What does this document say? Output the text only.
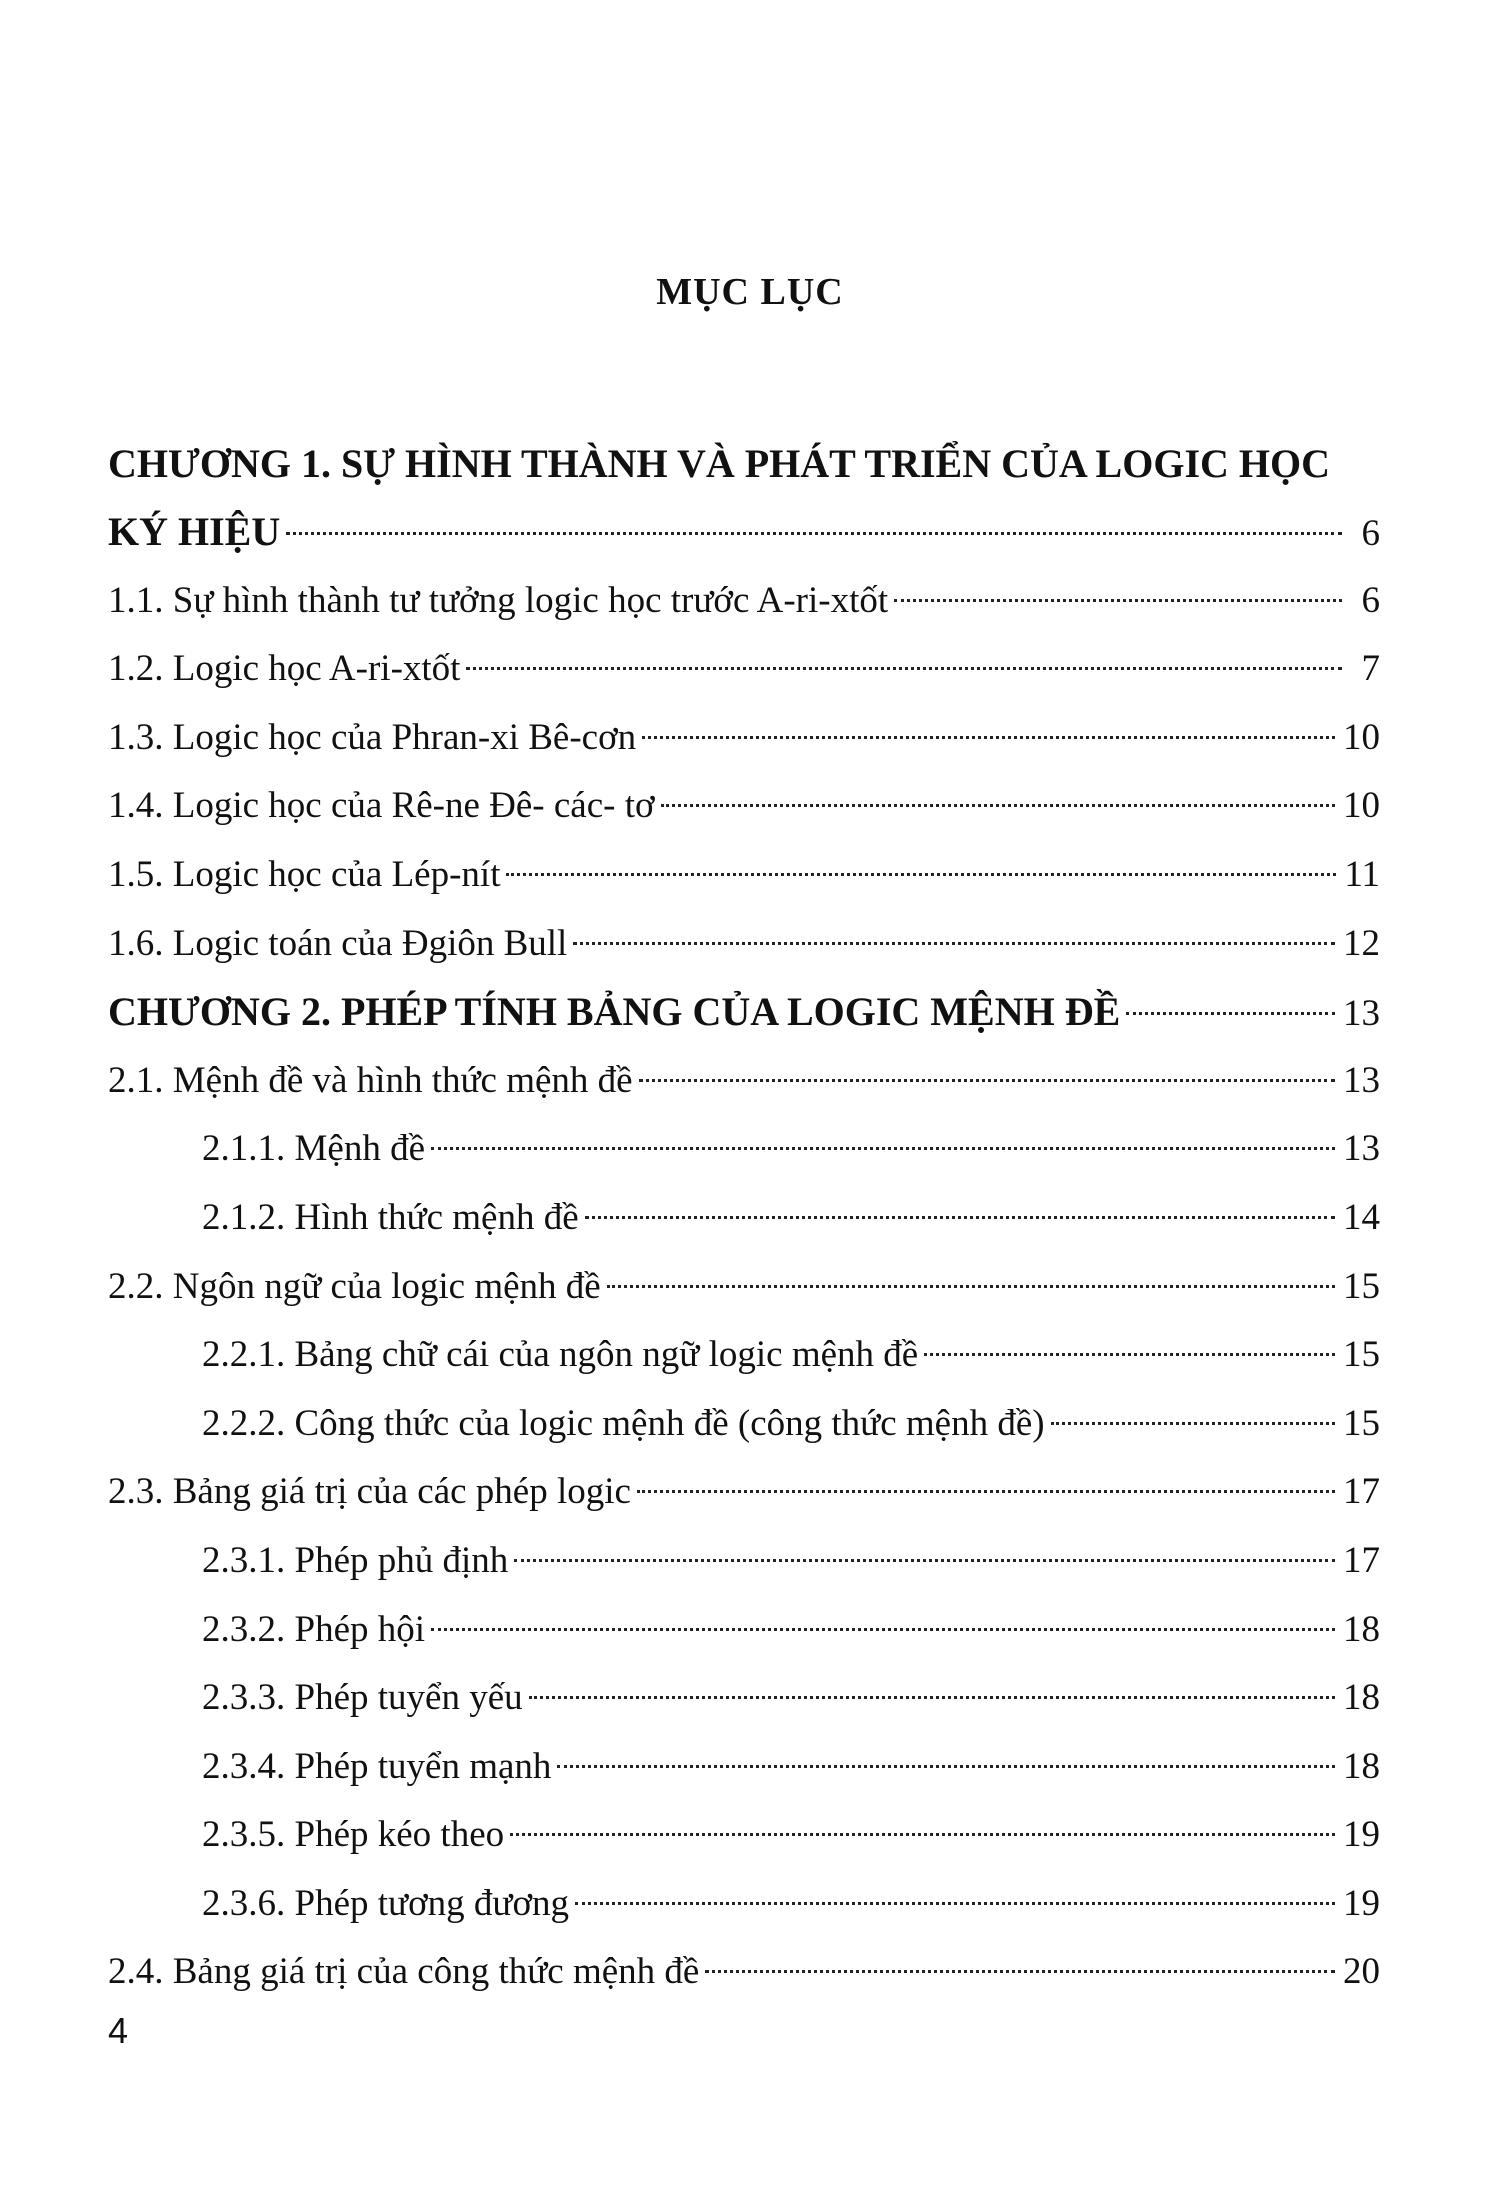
MỤC LỤC
CHƯƠNG 1. SỰ HÌNH THÀNH VÀ PHÁT TRIỂN CỦA LOGIC HỌC
KÝ HIỆU	6
1.1. Sự hình thành tư tưởng logic học trước A-ri-xtốt	6
1.2. Logic học A-ri-xtốt	7
1.3. Logic học của Phran-xi Bê-cơn	10
1.4. Logic học của Rê-ne Đê- các- tơ	10
1.5. Logic học của Lép-nít	11
1.6. Logic toán của Đgiôn Bull	12
CHƯƠNG 2. PHÉP TÍNH BẢNG CỦA LOGIC MỆNH ĐỀ	13
2.1. Mệnh đề và hình thức mệnh đề	13
2.1.1. Mệnh đề	13
2.1.2. Hình thức mệnh đề	14
2.2. Ngôn ngữ của logic mệnh đề	15
2.2.1. Bảng chữ cái của ngôn ngữ logic mệnh đề	15
2.2.2. Công thức của logic mệnh đề (công thức mệnh đề)	15
2.3. Bảng giá trị của các phép logic	17
2.3.1. Phép phủ định	17
2.3.2. Phép hội	18
2.3.3. Phép tuyển yếu	18
2.3.4. Phép tuyển mạnh	18
2.3.5. Phép kéo theo	19
2.3.6. Phép tương đương	19
2.4. Bảng giá trị của công thức mệnh đề	20
4
